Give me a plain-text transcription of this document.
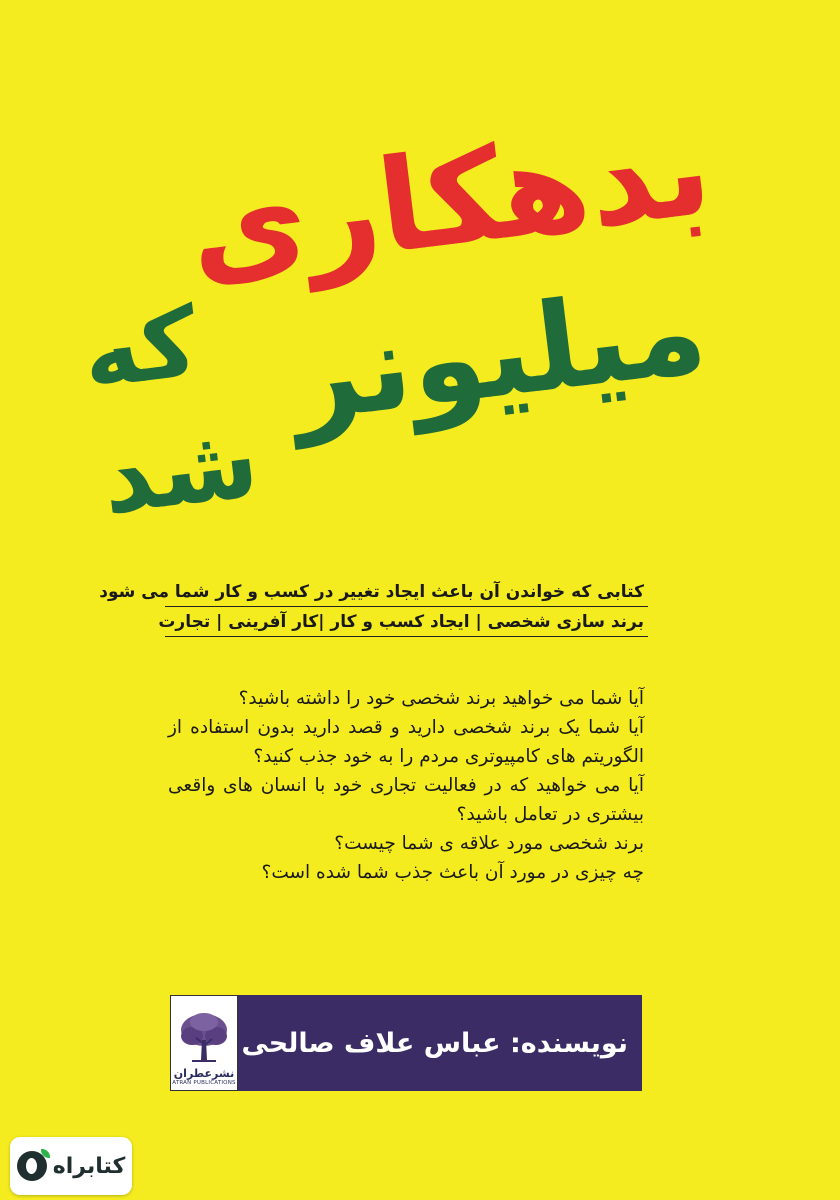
بدهکاری
میلیونر
که
شد
کتابی که خواندن آن باعث ایجاد تغییر در کسب و کار شما می شود
برند سازی شخصی | ایجاد کسب و کار |کار آفرینی | تجارت

آیا شما می خواهید برند شخصی خود را داشته باشید؟

آیا شما یک برند شخصی دارید و قصد دارید بدون استفاده از الگوریتم های کامپیوتری مردم را به خود جذب کنید؟

آیا می خواهید که در فعالیت تجاری خود با انسان های واقعی بیشتری در تعامل باشید؟

برند شخصی مورد علاقه ی شما چیست؟

چه چیزی در مورد آن باعث جذب شما شده است؟

نشرعطران
ATRAN PUBLICATIONS
نویسنده: عباس علاف صالحی
کتابراه
